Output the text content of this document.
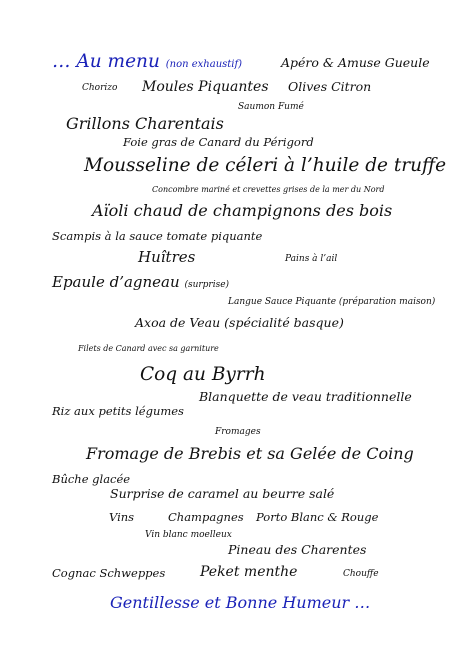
… Au menu (non exhaustif)	Apéro & Amuse Gueule
Chorizo Moules Piquantes Olives Citron
Saumon Fumé
Grillons Charentais
Foie gras de Canard du Périgord
Mousseline de céleri à l’huile de truffe
Concombre mariné et crevettes grises de la mer du Nord
Aïoli chaud de champignons des bois
Scampis à la sauce tomate piquante
Huîtres	Pains à l’ail
Epaule d’agneau (surprise)
Langue Sauce Piquante (préparation maison)
Axoa de Veau (spécialité basque)
Filets de Canard avec sa garniture
Coq au Byrrh
Blanquette de veau traditionnelle
Riz aux petits légumes
Fromages
Fromage de Brebis et sa Gelée de Coing
Bûche glacée
Surprise de caramel au beurre salé
Vins	Champagnes Porto Blanc & Rouge
Vin blanc moelleux
Pineau des Charentes
Cognac Schweppes Peket menthe	Chouffe
Gentillesse et Bonne Humeur …
